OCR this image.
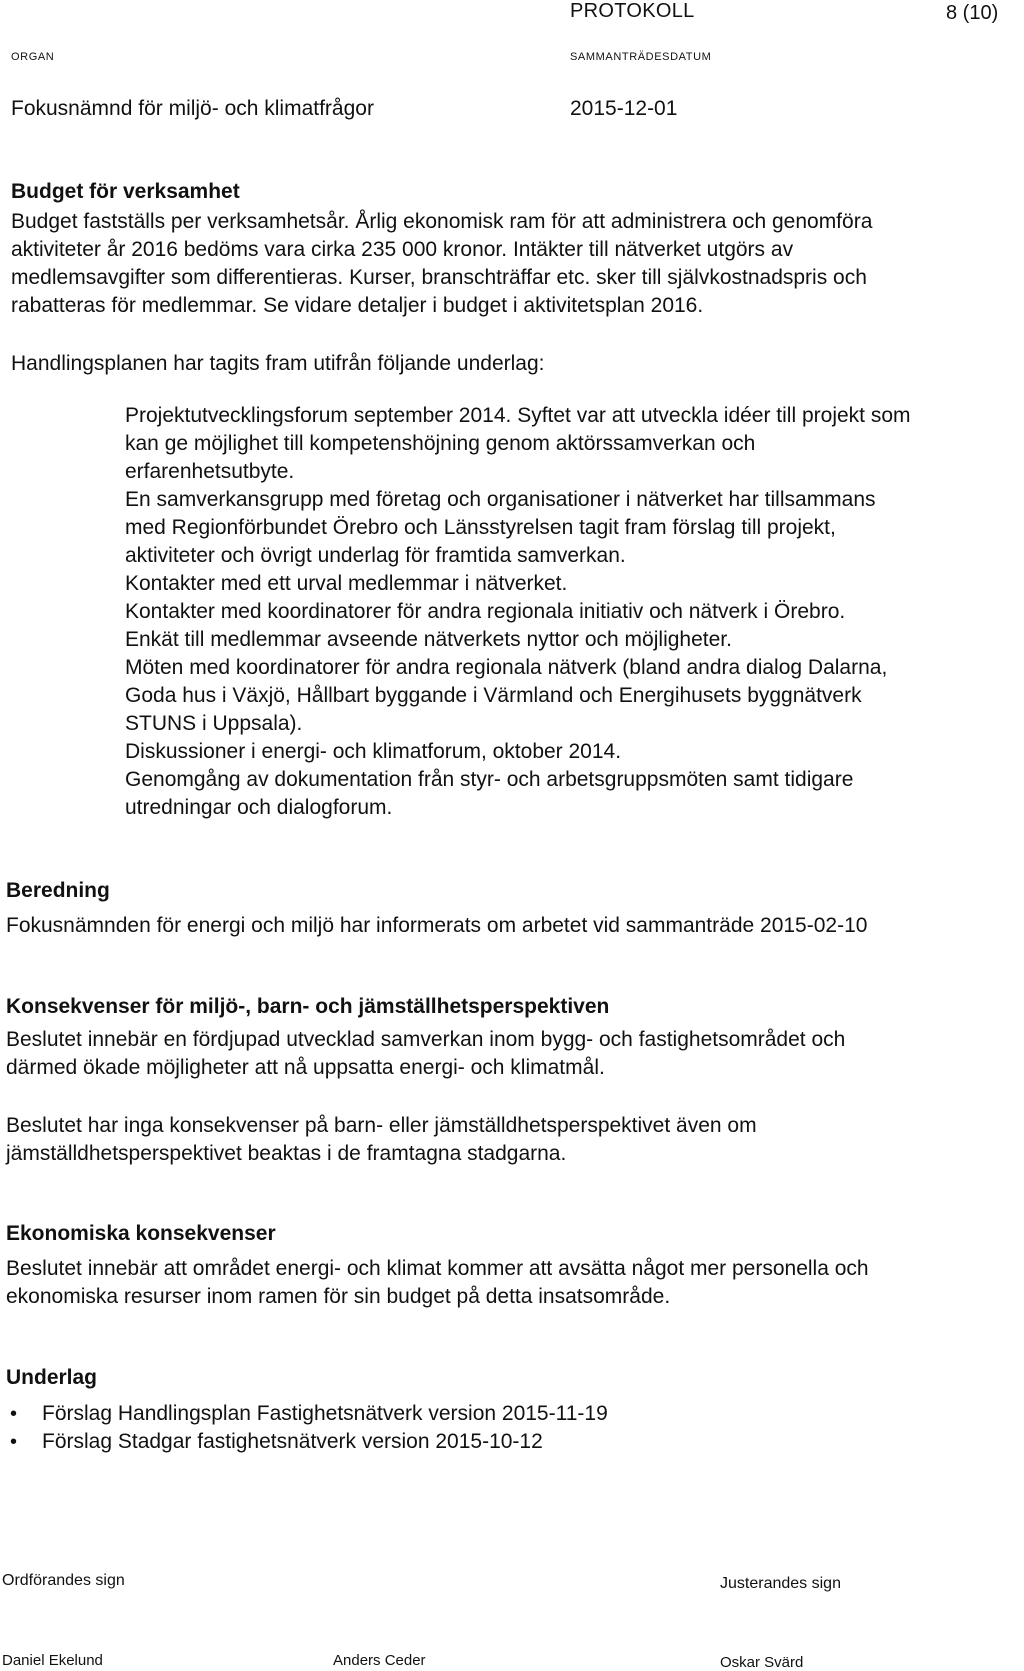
PROTOKOLL	8 (10)
ORGAN
Fokusnämnd för miljö- och klimatfrågor
SAMMANTRÄDESDATUM
2015-12-01
Budget för verksamhet
Budget fastställs per verksamhetsår. Årlig ekonomisk ram för att administrera och genomföra
aktiviteter år 2016 bedöms vara cirka 235 000 kronor. Intäkter till nätverket utgörs av
medlemsavgifter som differentieras. Kurser, branschträffar etc. sker till självkostnadspris och
rabatteras för medlemmar. Se vidare detaljer i budget i aktivitetsplan 2016.
Handlingsplanen har tagits fram utifrån följande underlag:
Projektutvecklingsforum september 2014. Syftet var att utveckla idéer till projekt som
kan ge möjlighet till kompetenshöjning genom aktörssamverkan och
erfarenhetsutbyte.
En samverkansgrupp med företag och organisationer i nätverket har tillsammans
med Regionförbundet Örebro och Länsstyrelsen tagit fram förslag till projekt,
aktiviteter och övrigt underlag för framtida samverkan.
Kontakter med ett urval medlemmar i nätverket.
Kontakter med koordinatorer för andra regionala initiativ och nätverk i Örebro.
Enkät till medlemmar avseende nätverkets nyttor och möjligheter.
Möten med koordinatorer för andra regionala nätverk (bland andra dialog Dalarna,
Goda hus i Växjö, Hållbart byggande i Värmland och Energihusets byggnätverk
STUNS i Uppsala).
Diskussioner i energi- och klimatforum, oktober 2014.
Genomgång av dokumentation från styr- och arbetsgruppsmöten samt tidigare
utredningar och dialogforum.
Beredning
Fokusnämnden för energi och miljö har informerats om arbetet vid sammanträde 2015-02-10
Konsekvenser för miljö-, barn- och jämställhetsperspektiven
Beslutet innebär en fördjupad utvecklad samverkan inom bygg- och fastighetsområdet och
därmed ökade möjligheter att nå uppsatta energi- och klimatmål.
Beslutet har inga konsekvenser på barn- eller jämställdhetsperspektivet även om
jämställdhetsperspektivet beaktas i de framtagna stadgarna.
Ekonomiska konsekvenser
Beslutet innebär att området energi- och klimat kommer att avsätta något mer personella och
ekonomiska resurser inom ramen för sin budget på detta insatsområde.
Underlag
• Förslag Handlingsplan Fastighetsnätverk version 2015-11-19
• Förslag Stadgar fastighetsnätverk version 2015-10-12
Ordförandes sign	Justerandes sign
Daniel Ekelund	Anders Ceder	Oskar Svärd
